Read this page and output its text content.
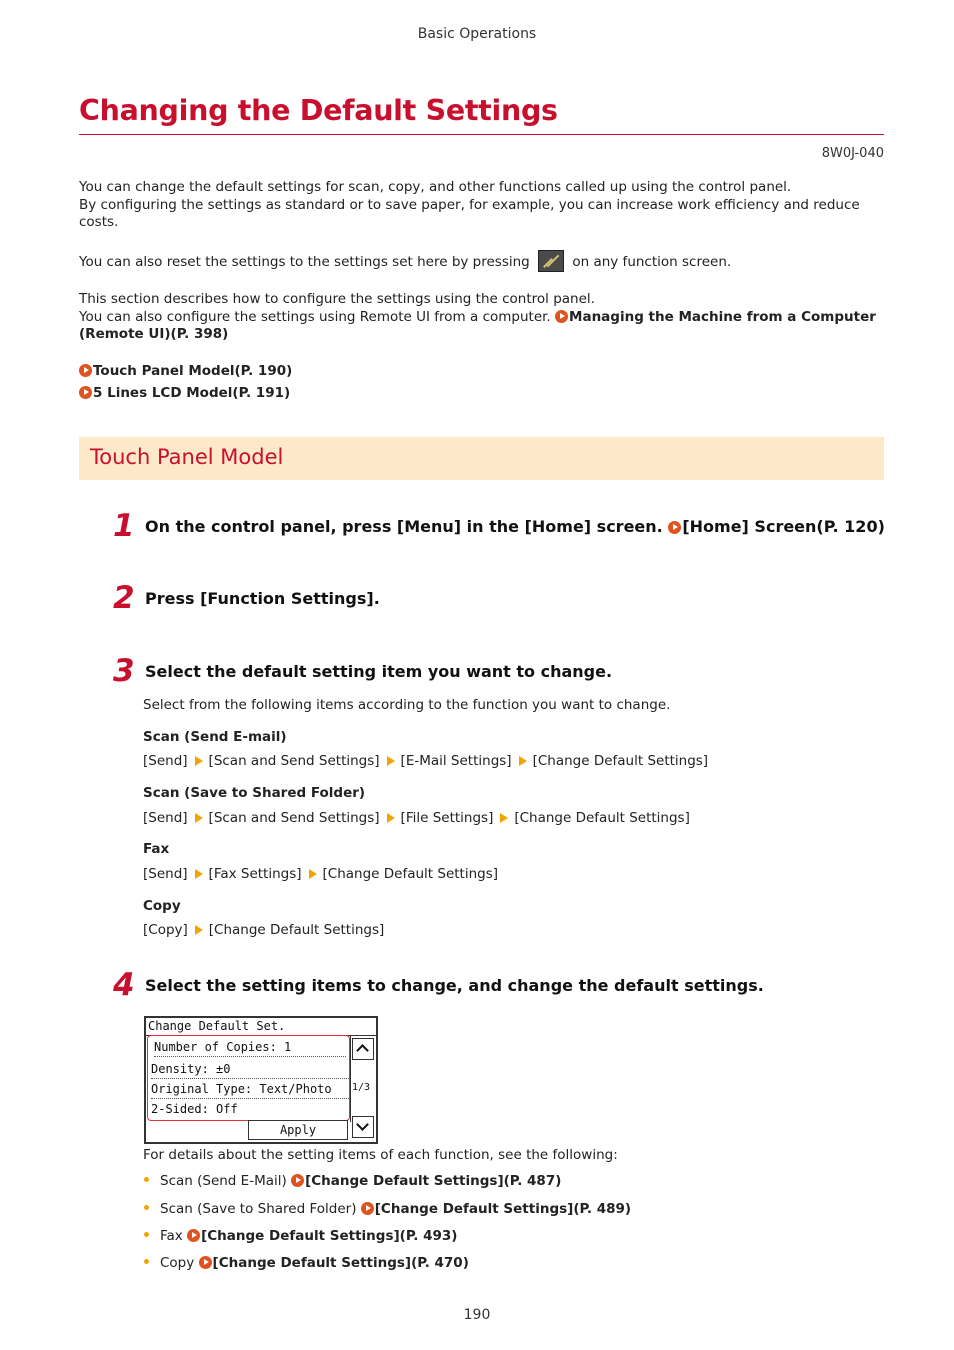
Basic Operations
Changing the Default Settings
8W0J-040
You can change the default settings for scan, copy, and other functions called up using the control panel.
By configuring the settings as standard or to save paper, for example, you can increase work efficiency and reduce costs.
You can also reset the settings to the settings set here by pressing	on any function screen.
This section describes how to configure the settings using the control panel.
You can also configure the settings using Remote UI from a computer. Managing the Machine from a Computer (Remote UI)(P. 398)
Touch Panel Model(P. 190)
5 Lines LCD Model(P. 191)
Touch Panel Model
1 On the control panel, press [Menu] in the [Home] screen. [Home] Screen(P. 120)
2 Press [Function Settings].
3 Select the default setting item you want to change.
Select from the following items according to the function you want to change.
Scan (Send E-mail)
[Send] [Scan and Send Settings] [E-Mail Settings] [Change Default Settings]
Scan (Save to Shared Folder)
[Send] [Scan and Send Settings] [File Settings] [Change Default Settings]
Fax
[Send] [Fax Settings] [Change Default Settings]
Copy
[Copy] [Change Default Settings]
4 Select the setting items to change, and change the default settings.
Change Default Set.
Number of Copies: 1
Density: ±0
Original Type: Text/Photo
2-Sided: Off
1/3
Apply
For details about the setting items of each function, see the following:
Scan (Send E-Mail) [Change Default Settings](P. 487)
Scan (Save to Shared Folder) [Change Default Settings](P. 489)
Fax [Change Default Settings](P. 493)
Copy [Change Default Settings](P. 470)
190
